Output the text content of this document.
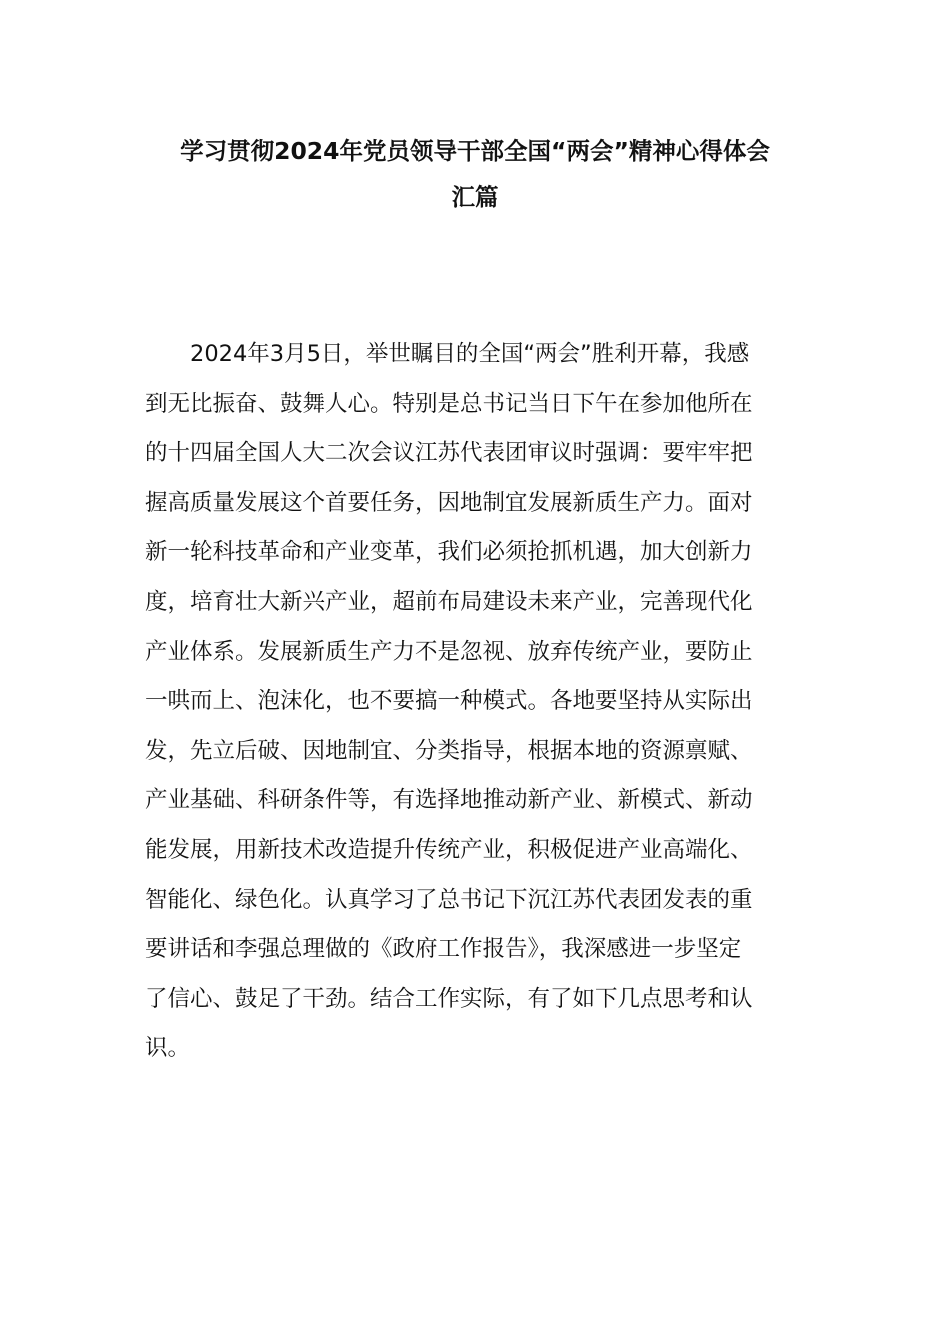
学习贯彻2024年党员领导干部全国“两会”精神心得体会
汇篇
2024年3月5日，举世瞩目的全国“两会”胜利开幕，我感
到无比振奋、鼓舞人心。特别是总书记当日下午在参加他所在
的十四届全国人大二次会议江苏代表团审议时强调：要牢牢把
握高质量发展这个首要任务，因地制宜发展新质生产力。面对
新一轮科技革命和产业变革，我们必须抢抓机遇，加大创新力
度，培育壮大新兴产业，超前布局建设未来产业，完善现代化
产业体系。发展新质生产力不是忽视、放弃传统产业，要防止
一哄而上、泡沫化，也不要搞一种模式。各地要坚持从实际出
发，先立后破、因地制宜、分类指导，根据本地的资源禀赋、
产业基础、科研条件等，有选择地推动新产业、新模式、新动
能发展，用新技术改造提升传统产业，积极促进产业高端化、
智能化、绿色化。认真学习了总书记下沉江苏代表团发表的重
要讲话和李强总理做的《政府工作报告》，我深感进一步坚定
了信心、鼓足了干劲。结合工作实际，有了如下几点思考和认
识。
